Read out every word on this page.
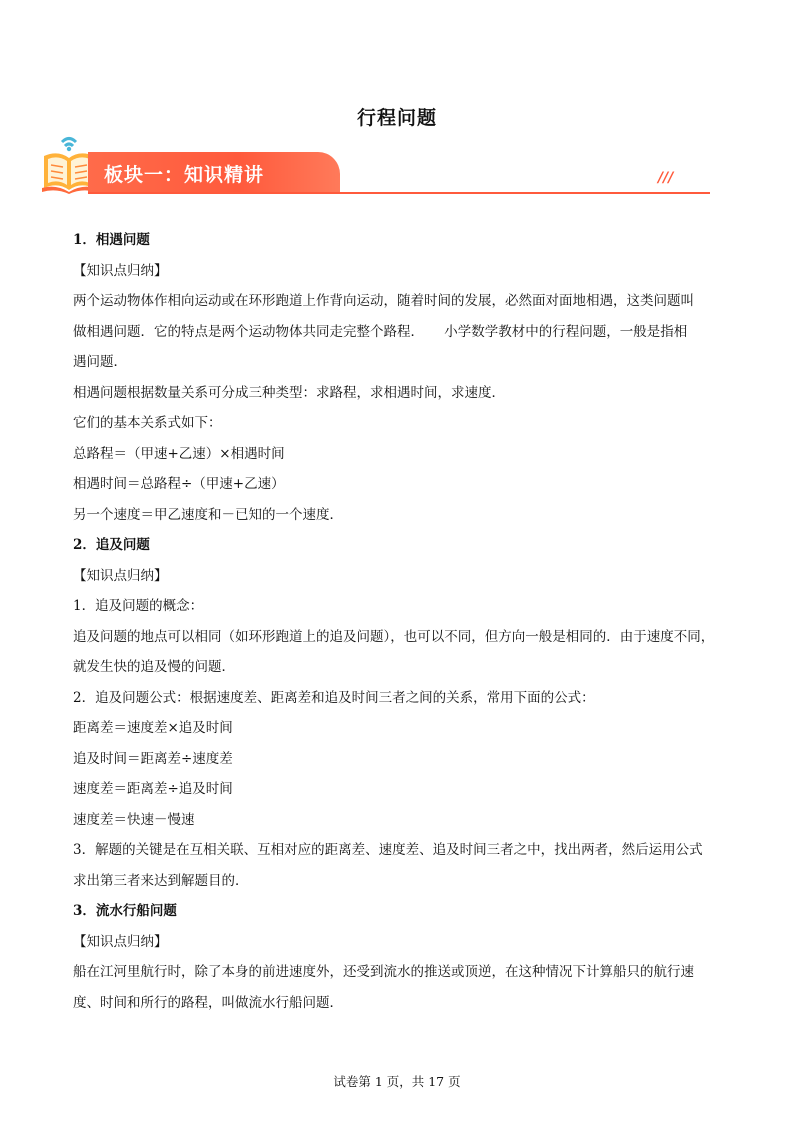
行程问题
板块一：知识精讲	///

1．相遇问题

【知识点归纳】

两个运动物体作相向运动或在环形跑道上作背向运动，随着时间的发展，必然面对面地相遇，这类问题叫

做相遇问题．它的特点是两个运动物体共同走完整个路程．　　小学数学教材中的行程问题，一般是指相

遇问题．

相遇问题根据数量关系可分成三种类型：求路程，求相遇时间，求速度．

它们的基本关系式如下：

总路程＝（甲速+乙速）×相遇时间

相遇时间＝总路程÷（甲速+乙速）

另一个速度＝甲乙速度和－已知的一个速度．

2．追及问题

【知识点归纳】

1．追及问题的概念：

追及问题的地点可以相同（如环形跑道上的追及问题），也可以不同，但方向一般是相同的．由于速度不同，

就发生快的追及慢的问题．

2．追及问题公式：根据速度差、距离差和追及时间三者之间的关系，常用下面的公式：

距离差＝速度差×追及时间

追及时间＝距离差÷速度差

速度差＝距离差÷追及时间

速度差＝快速－慢速

3．解题的关键是在互相关联、互相对应的距离差、速度差、追及时间三者之中，找出两者，然后运用公式

求出第三者来达到解题目的．

3．流水行船问题

【知识点归纳】

船在江河里航行时，除了本身的前进速度外，还受到流水的推送或顶逆，在这种情况下计算船只的航行速

度、时间和所行的路程，叫做流水行船问题．

试卷第 1 页，共 17 页
